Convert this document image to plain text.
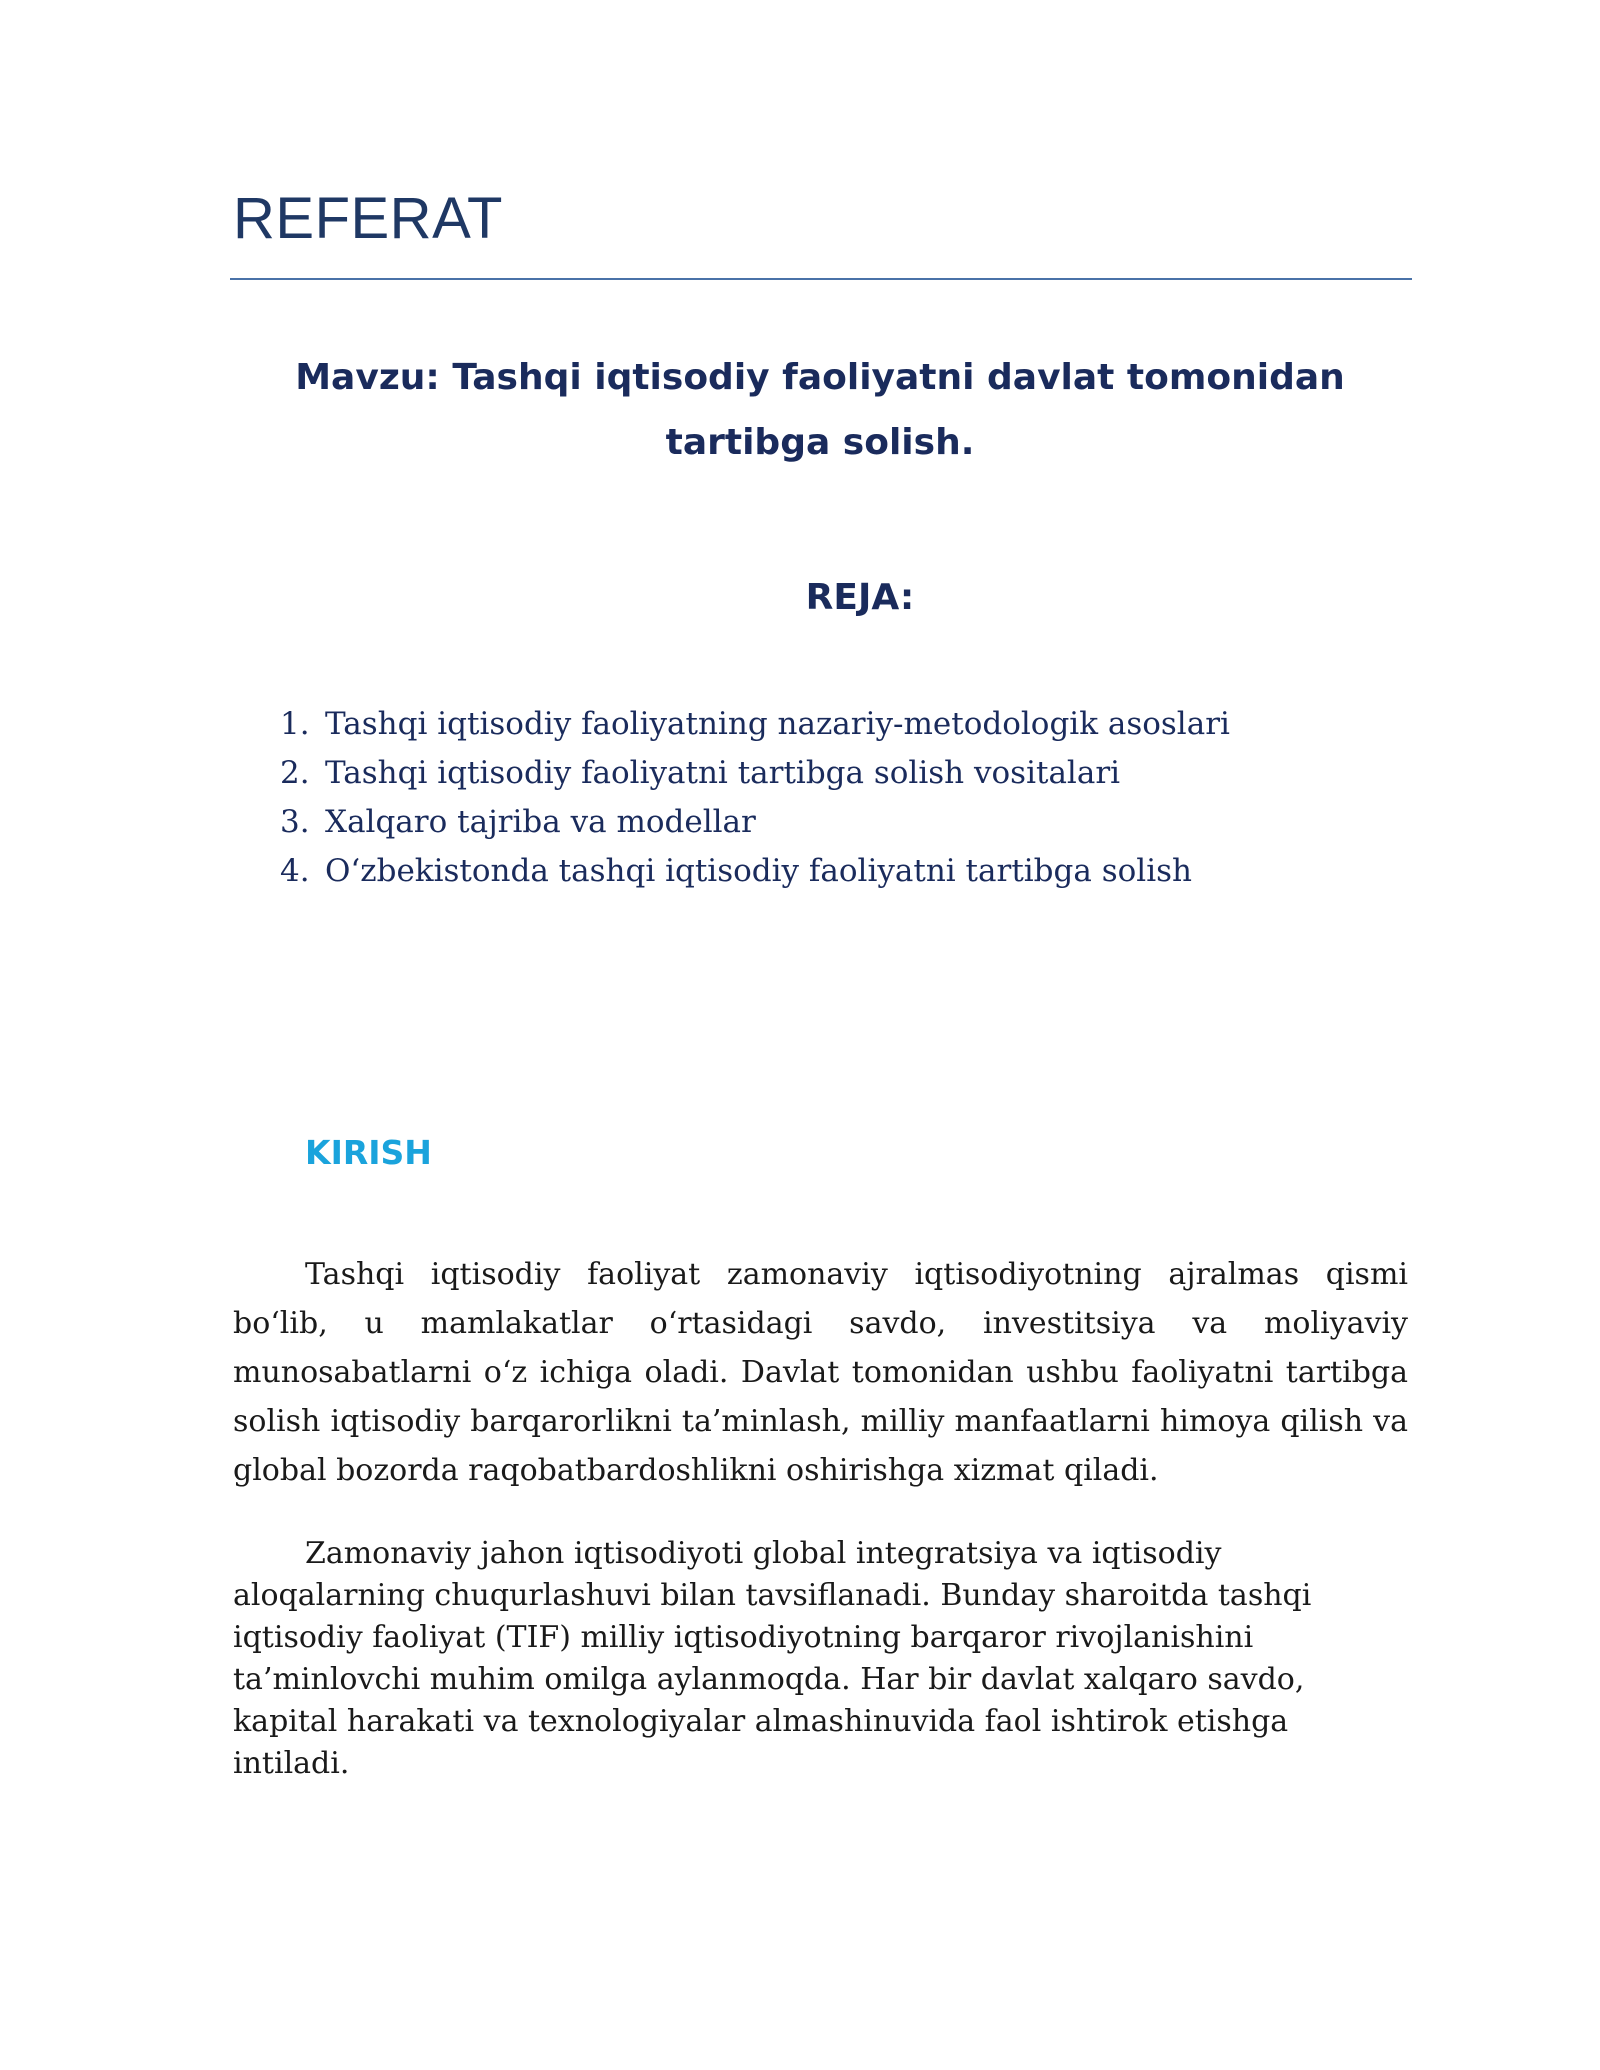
REFERAT
Mavzu: Tashqi iqtisodiy faoliyatni davlat tomonidan
tartibga solish.
REJA:
1. Tashqi iqtisodiy faoliyatning nazariy-metodologik asoslari
2. Tashqi iqtisodiy faoliyatni tartibga solish vositalari
3. Xalqaro tajriba va modellar
4. O‘zbekistonda tashqi iqtisodiy faoliyatni tartibga solish
KIRISH

Tashqi iqtisodiy faoliyat zamonaviy iqtisodiyotning ajralmas qismi bo‘lib, u mamlakatlar o‘rtasidagi savdo, investitsiya va moliyaviy munosabatlarni o‘z ichiga oladi. Davlat tomonidan ushbu faoliyatni tartibga solish iqtisodiy barqarorlikni ta’minlash, milliy manfaatlarni himoya qilish va global bozorda raqobatbardoshlikni oshirishga xizmat qiladi.

Zamonaviy jahon iqtisodiyoti global integratsiya va iqtisodiy
aloqalarning chuqurlashuvi bilan tavsiflanadi. Bunday sharoitda tashqi
iqtisodiy faoliyat (TIF) milliy iqtisodiyotning barqaror rivojlanishini
ta’minlovchi muhim omilga aylanmoqda. Har bir davlat xalqaro savdo,
kapital harakati va texnologiyalar almashinuvida faol ishtirok etishga
intiladi.
